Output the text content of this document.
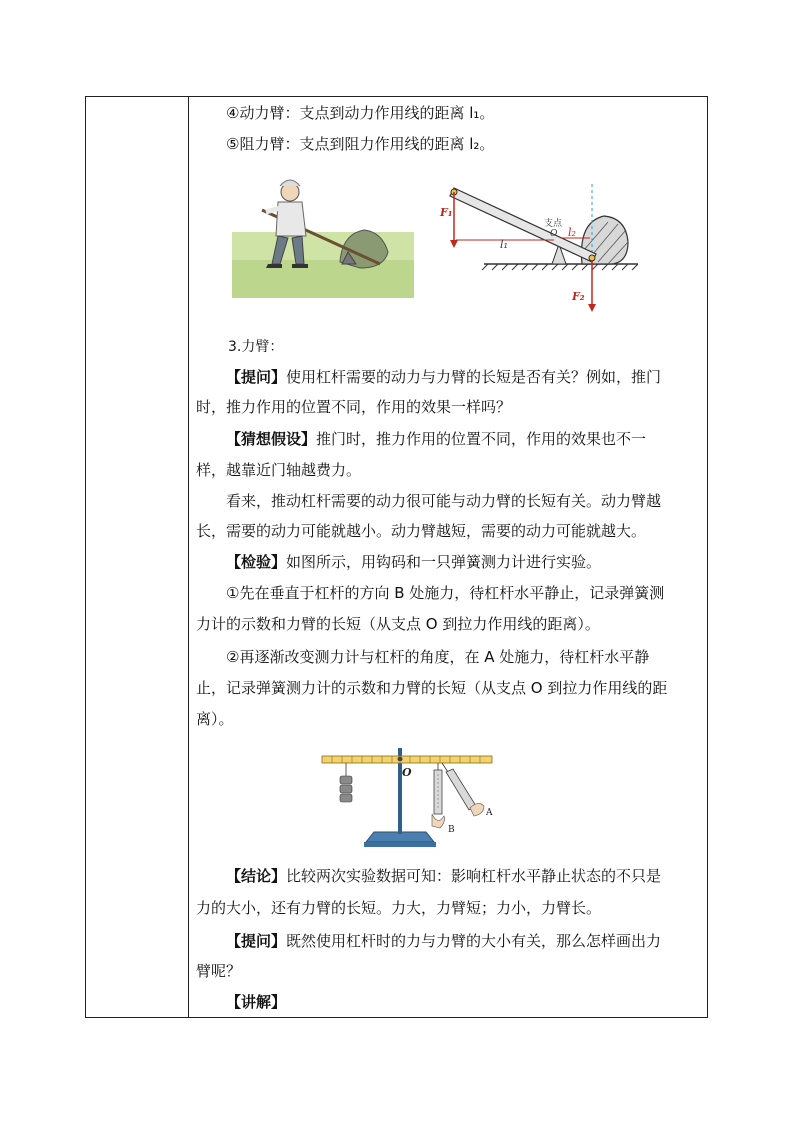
④动力臂：支点到动力作用线的距离 l₁。
⑤阻力臂：支点到阻力作用线的距离 l₂。
F₁
F₂
l₁
l₂
支点
O
3.力臂：
【提问】使用杠杆需要的动力与力臂的长短是否有关？例如，推门
时，推力作用的位置不同，作用的效果一样吗？
【猜想假设】推门时，推力作用的位置不同，作用的效果也不一
样，越靠近门轴越费力。
看来，推动杠杆需要的动力很可能与动力臂的长短有关。动力臂越
长，需要的动力可能就越小。动力臂越短，需要的动力可能就越大。
【检验】如图所示，用钩码和一只弹簧测力计进行实验。
①先在垂直于杠杆的方向 B 处施力，待杠杆水平静止，记录弹簧测
力计的示数和力臂的长短（从支点 O 到拉力作用线的距离）。
②再逐渐改变测力计与杠杆的角度，在 A 处施力，待杠杆水平静
止，记录弹簧测力计的示数和力臂的长短（从支点 O 到拉力作用线的距
离）。
O
A
B
【结论】比较两次实验数据可知：影响杠杆水平静止状态的不只是
力的大小，还有力臂的长短。力大，力臂短；力小，力臂长。
【提问】既然使用杠杆时的力与力臂的大小有关，那么怎样画出力
臂呢？
【讲解】
